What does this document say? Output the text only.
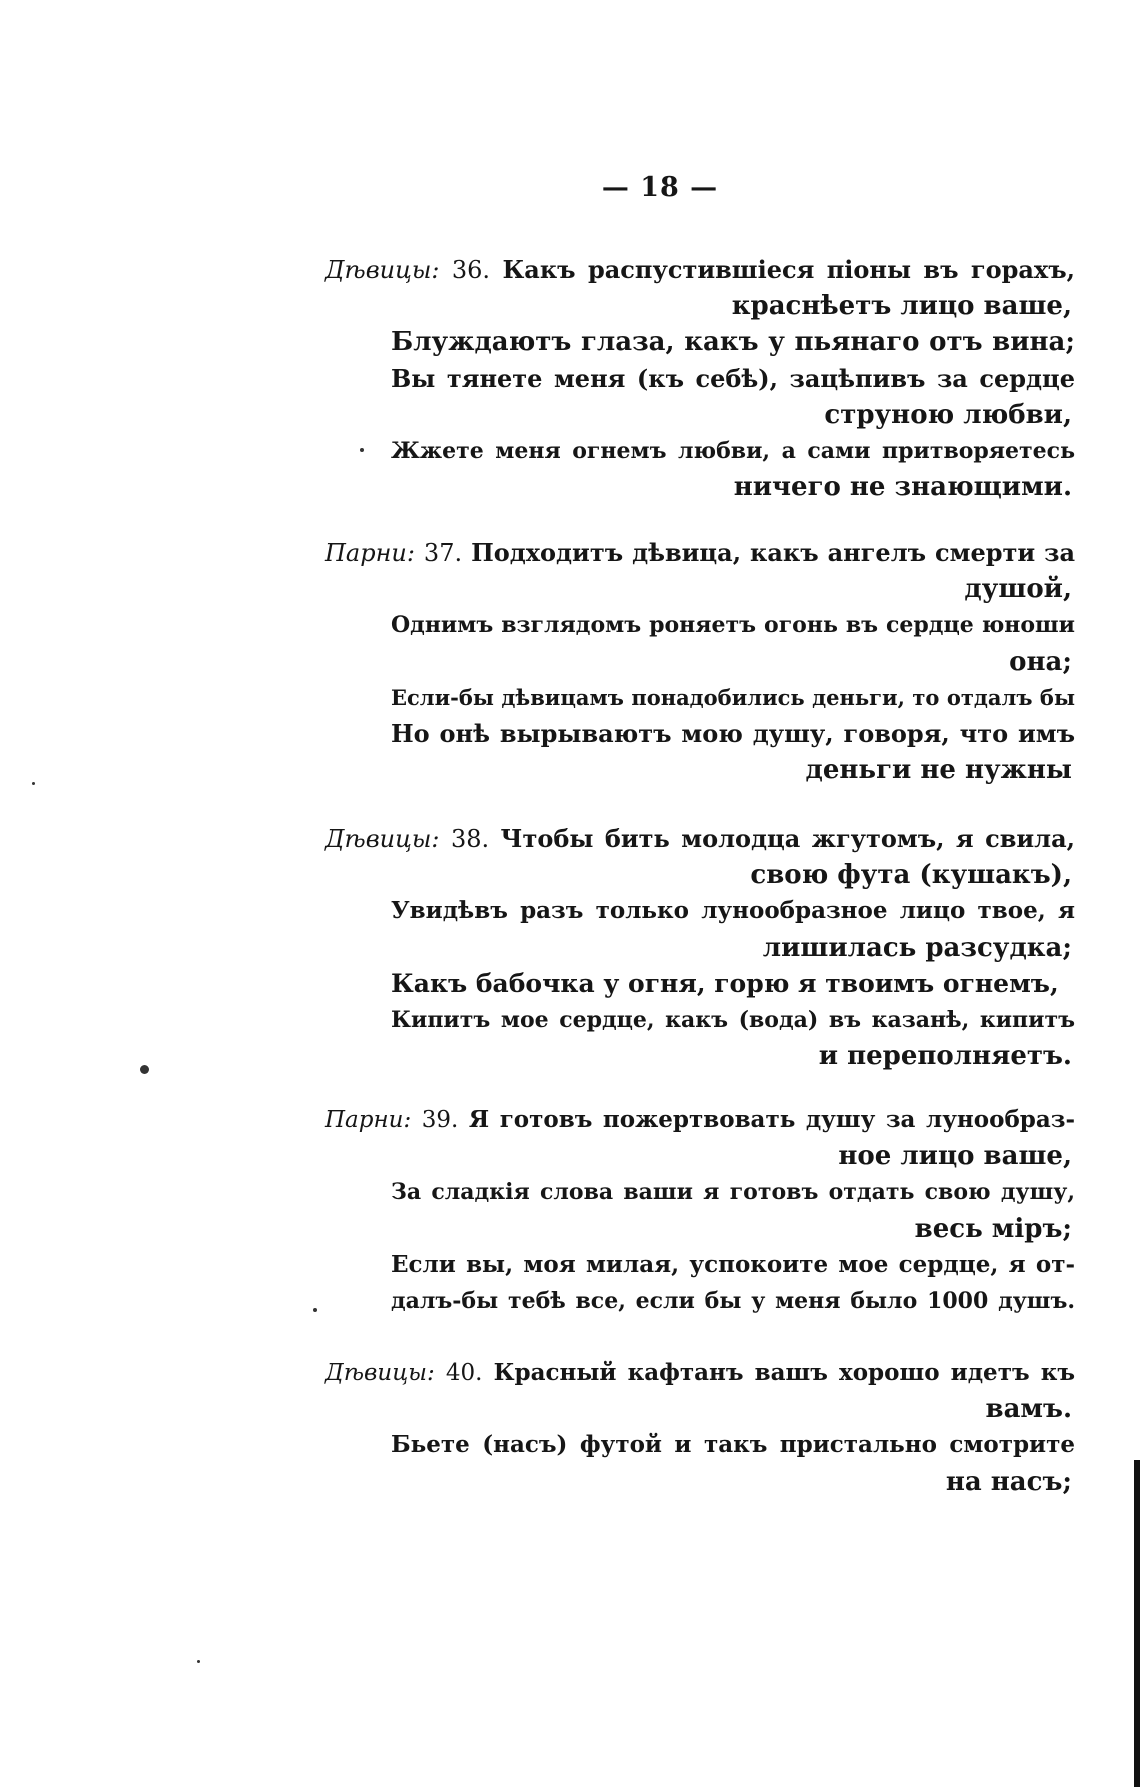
— 18 —
Дѣвицы: 36. Какъ распустившіеся піоны въ горахъ,
краснѣетъ лицо ваше,
Блуждаютъ глаза, какъ у пьянаго отъ вина;
Вы тянете меня (къ себѣ), зацѣпивъ за сердце
струною любви,
Жжете меня огнемъ любви, а сами притворяетесь
ничего не знающими.
Парни: 37. Подходитъ дѣвица, какъ ангелъ смерти за
душой,
Однимъ взглядомъ роняетъ огонь въ сердце юноши
она;
Если-бы дѣвицамъ понадобились деньги, то отдалъ бы
Но онѣ вырываютъ мою душу, говоря, что имъ
деньги не нужны
Дѣвицы: 38. Чтобы бить молодца жгутомъ, я свила,
свою фута (кушакъ),
Увидѣвъ разъ только лунообразное лицо твое, я
лишилась разсудка;
Какъ бабочка у огня, горю я твоимъ огнемъ,
Кипитъ мое сердце, какъ (вода) въ казанѣ, кипитъ
и переполняетъ.
Парни: 39. Я готовъ пожертвовать душу за лунообраз-
ное лицо ваше,
За сладкія слова ваши я готовъ отдать свою душу,
весь міръ;
Если вы, моя милая, успокоите мое сердце, я от-
далъ-бы тебѣ все, если бы у меня было 1000 душъ.
Дѣвицы: 40. Красный кафтанъ вашъ хорошо идетъ къ
вамъ.
Бьете (насъ) футой и такъ пристально смотрите
на насъ;
